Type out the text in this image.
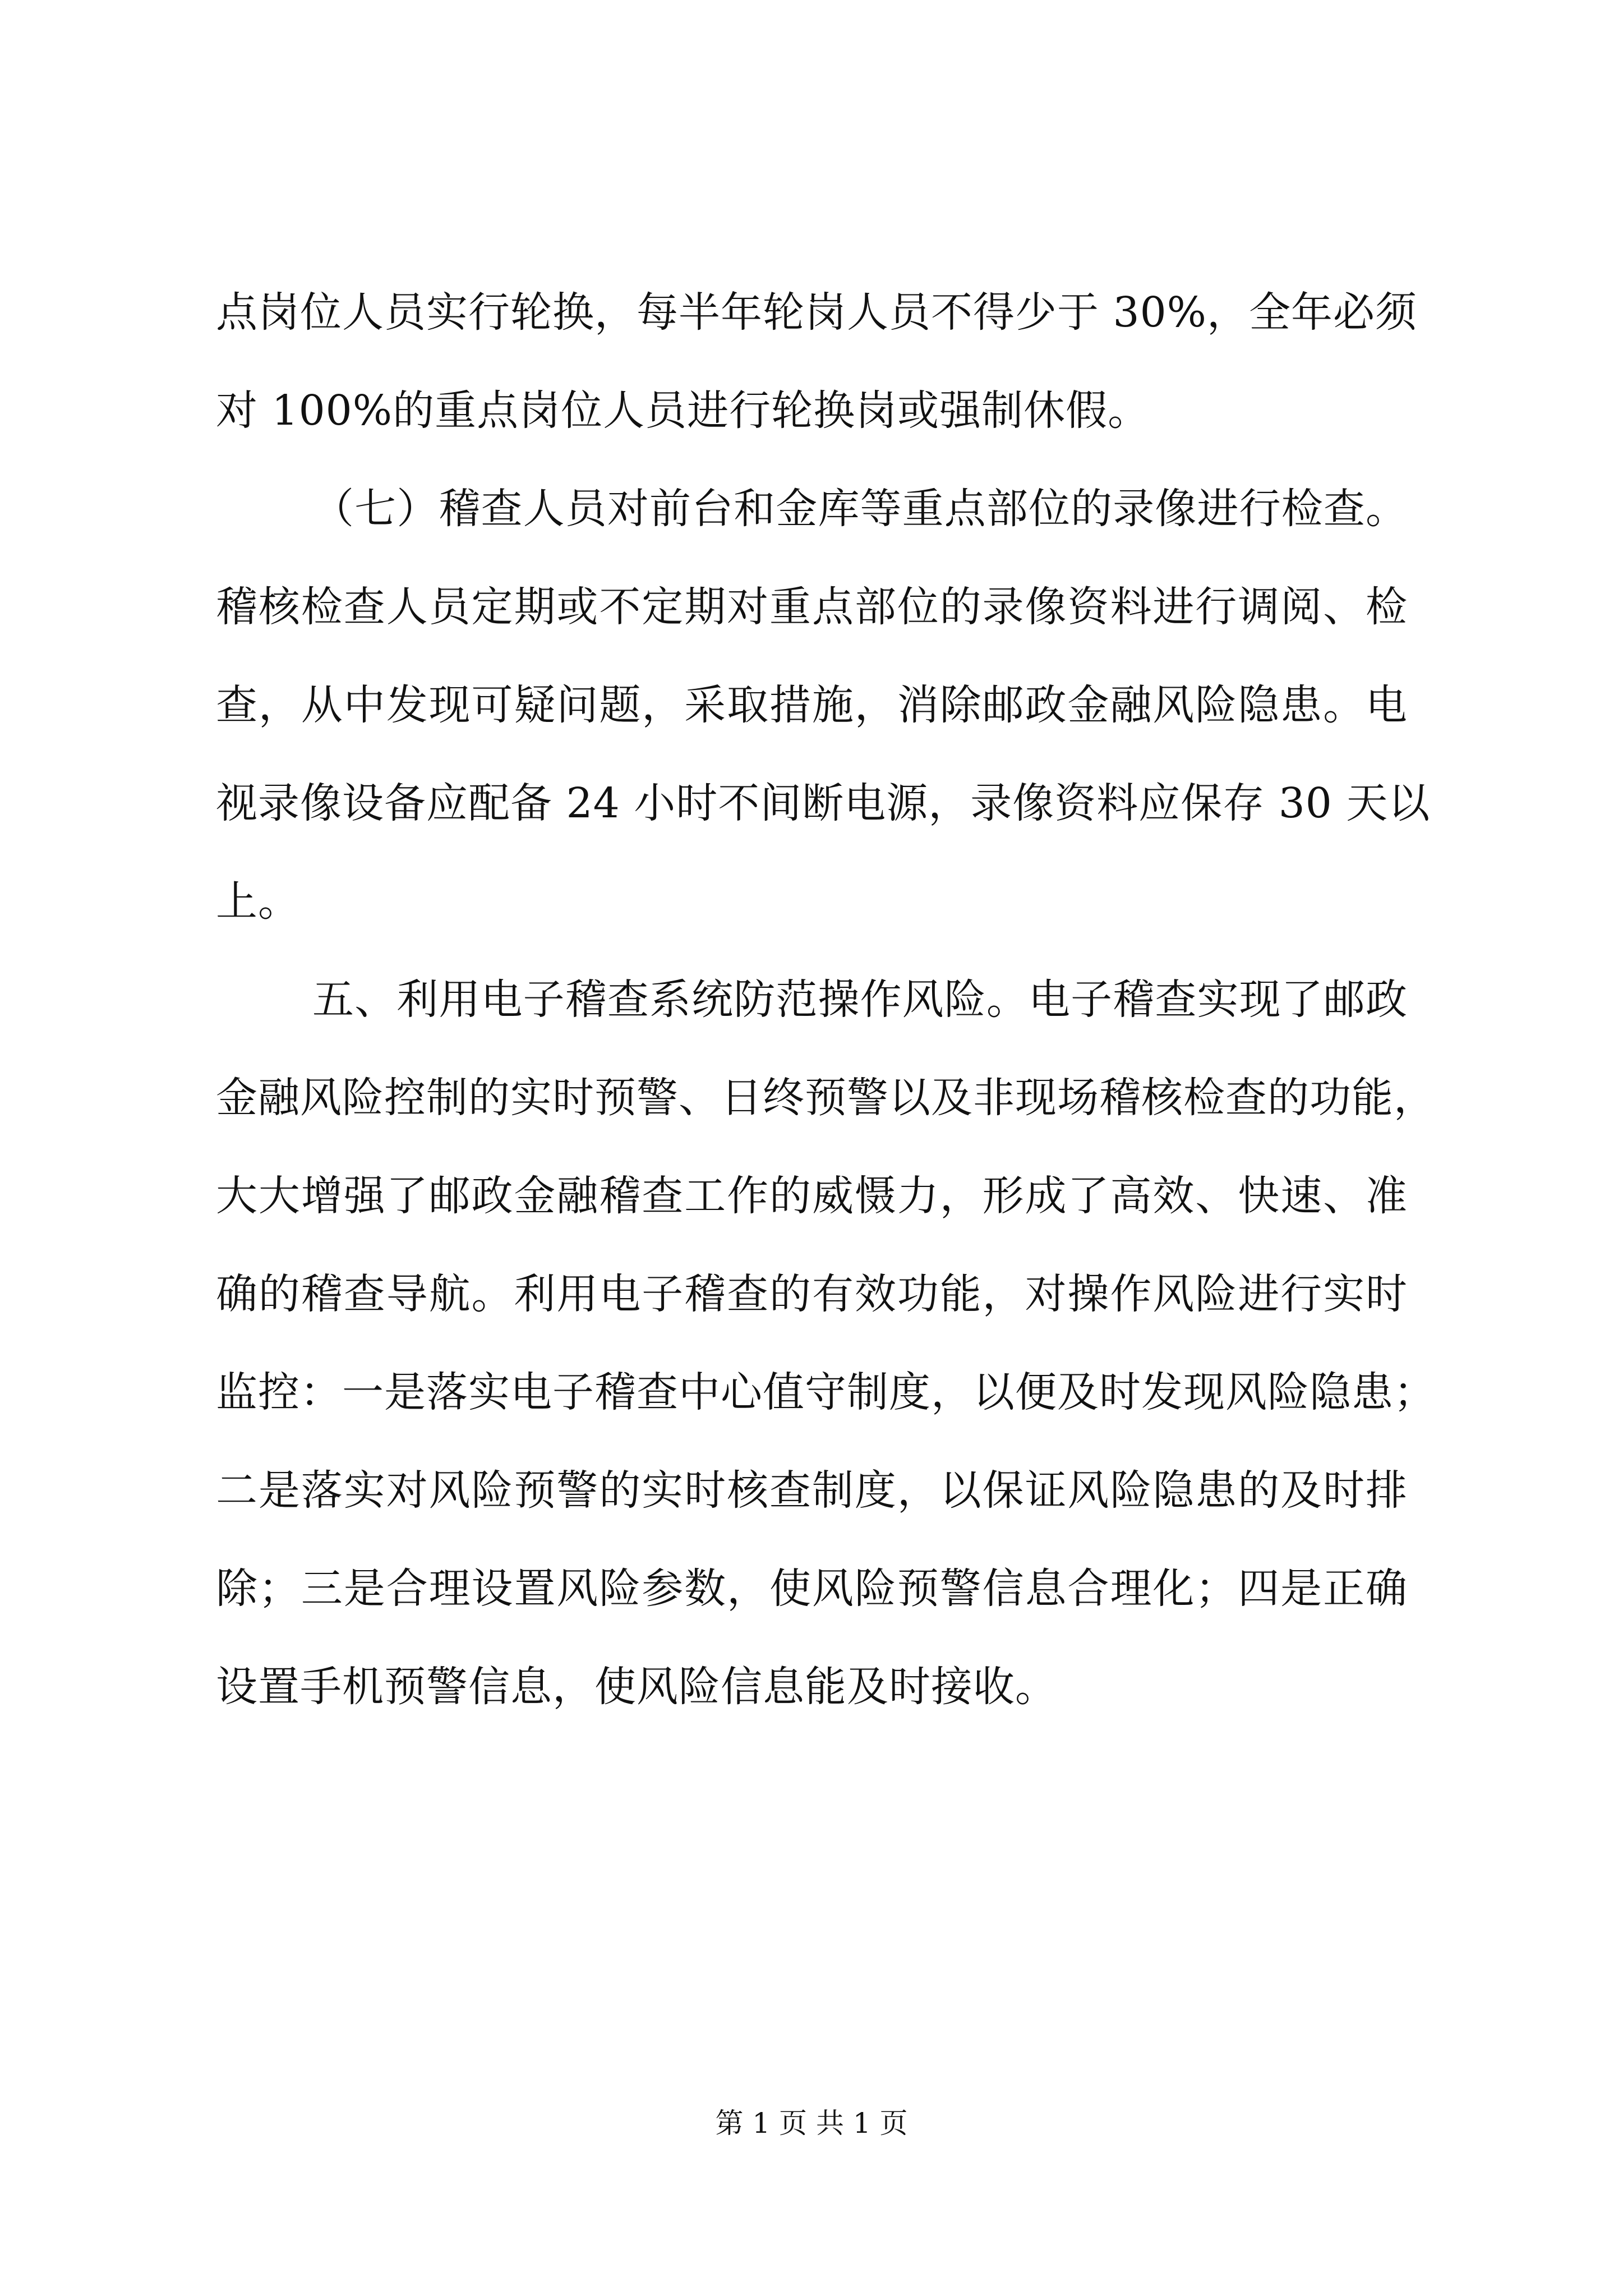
点岗位人员实行轮换，每半年轮岗人员不得少于 30%，全年必须
对 100%的重点岗位人员进行轮换岗或强制休假。
（七）稽查人员对前台和金库等重点部位的录像进行检查。
稽核检查人员定期或不定期对重点部位的录像资料进行调阅、检
查，从中发现可疑问题，采取措施，消除邮政金融风险隐患。电
视录像设备应配备 24 小时不间断电源，录像资料应保存 30 天以
上。
五、利用电子稽查系统防范操作风险。电子稽查实现了邮政
金融风险控制的实时预警、日终预警以及非现场稽核检查的功能，
大大增强了邮政金融稽查工作的威慑力，形成了高效、快速、准
确的稽查导航。利用电子稽查的有效功能，对操作风险进行实时
监控：一是落实电子稽查中心值守制度，以便及时发现风险隐患；
二是落实对风险预警的实时核查制度，以保证风险隐患的及时排
除；三是合理设置风险参数，使风险预警信息合理化；四是正确
设置手机预警信息，使风险信息能及时接收。
第 1 页 共 1 页
